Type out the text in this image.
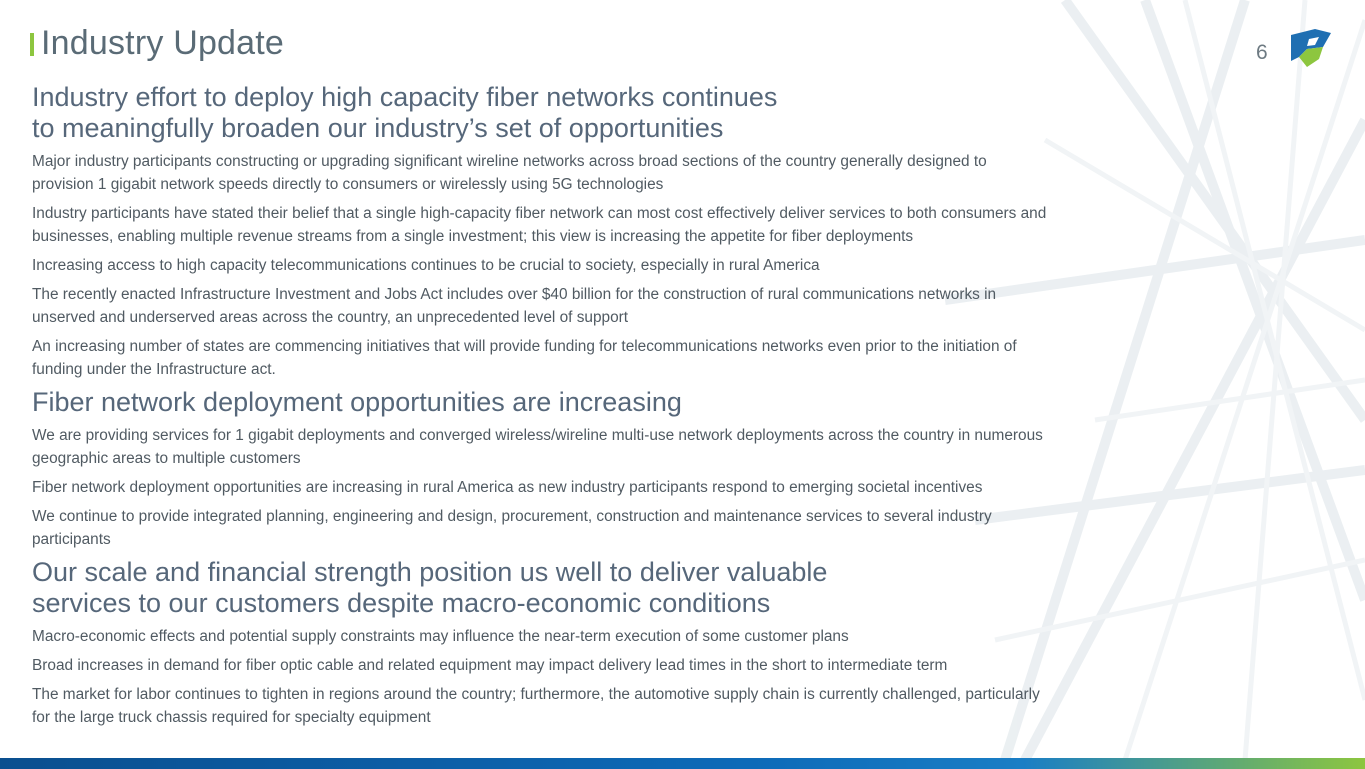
Industry Update	6
Industry effort to deploy high capacity fiber networks continues
to meaningfully broaden our industry’s set of opportunities

Major industry participants constructing or upgrading significant wireline networks across broad sections of the country generally designed to provision 1 gigabit network speeds directly to consumers or wirelessly using 5G technologies

Industry participants have stated their belief that a single high-capacity fiber network can most cost effectively deliver services to both consumers and businesses, enabling multiple revenue streams from a single investment; this view is increasing the appetite for fiber deployments

Increasing access to high capacity telecommunications continues to be crucial to society, especially in rural America

The recently enacted Infrastructure Investment and Jobs Act includes over $40 billion for the construction of rural communications networks in unserved and underserved areas across the country, an unprecedented level of support

An increasing number of states are commencing initiatives that will provide funding for telecommunications networks even prior to the initiation of funding under the Infrastructure act.

Fiber network deployment opportunities are increasing

We are providing services for 1 gigabit deployments and converged wireless/wireline multi-use network deployments across the country in numerous geographic areas to multiple customers

Fiber network deployment opportunities are increasing in rural America as new industry participants respond to emerging societal incentives

We continue to provide integrated planning, engineering and design, procurement, construction and maintenance services to several industry participants

Our scale and financial strength position us well to deliver valuable
services to our customers despite macro-economic conditions

Macro-economic effects and potential supply constraints may influence the near-term execution of some customer plans

Broad increases in demand for fiber optic cable and related equipment may impact delivery lead times in the short to intermediate term

The market for labor continues to tighten in regions around the country; furthermore, the automotive supply chain is currently challenged, particularly for the large truck chassis required for specialty equipment
